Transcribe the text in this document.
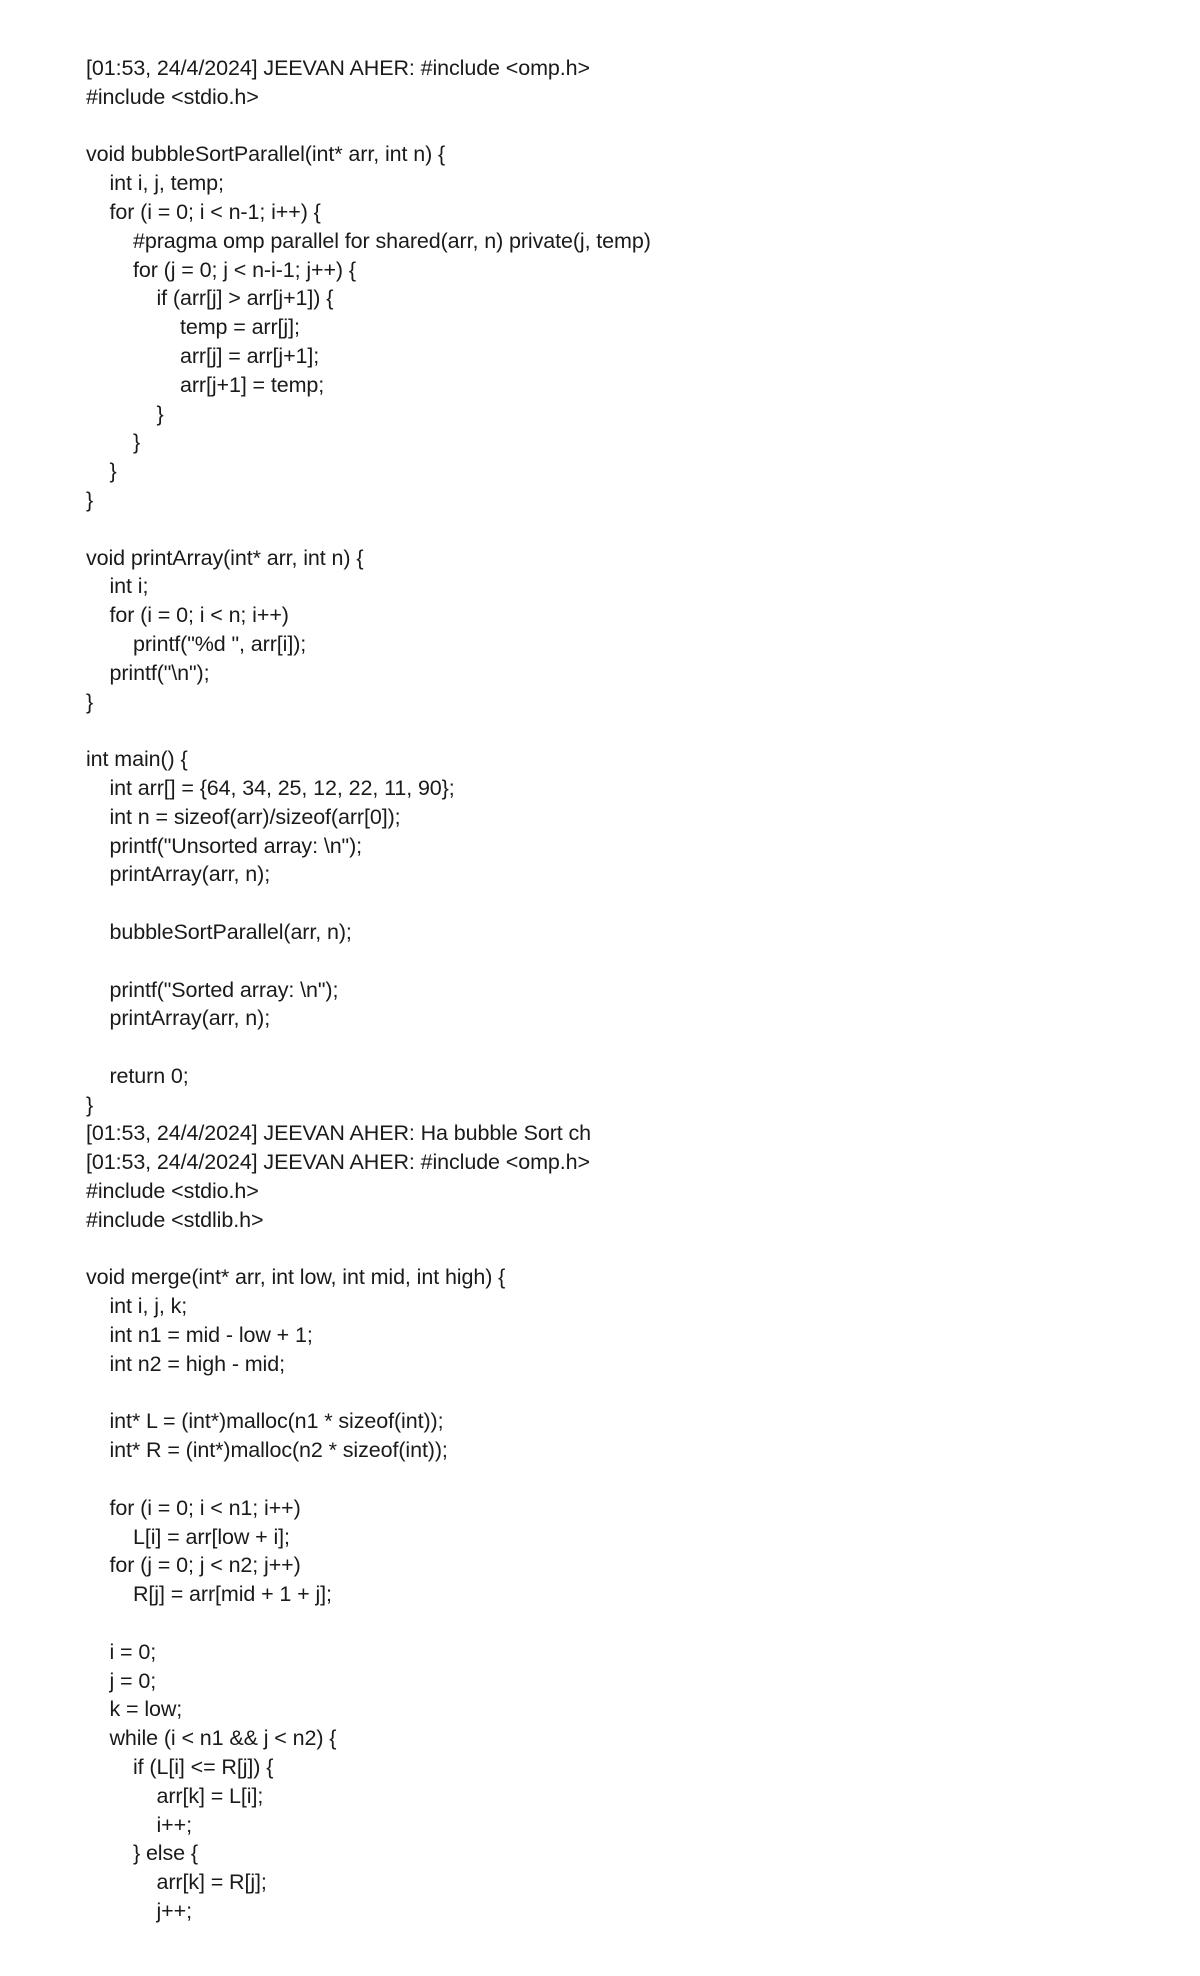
[01:53, 24/4/2024] JEEVAN AHER: #include <omp.h>
#include <stdio.h>
void bubbleSortParallel(int* arr, int n) {
int i, j, temp;
for (i = 0; i < n-1; i++) {
#pragma omp parallel for shared(arr, n) private(j, temp)
for (j = 0; j < n-i-1; j++) {
if (arr[j] > arr[j+1]) {
temp = arr[j];
arr[j] = arr[j+1];
arr[j+1] = temp;
}
}
}
}
void printArray(int* arr, int n) {
int i;
for (i = 0; i < n; i++)
printf("%d ", arr[i]);
printf("\n");
}
int main() {
int arr[] = {64, 34, 25, 12, 22, 11, 90};
int n = sizeof(arr)/sizeof(arr[0]);
printf("Unsorted array: \n");
printArray(arr, n);
bubbleSortParallel(arr, n);
printf("Sorted array: \n");
printArray(arr, n);
return 0;
}
[01:53, 24/4/2024] JEEVAN AHER: Ha bubble Sort ch
[01:53, 24/4/2024] JEEVAN AHER: #include <omp.h>
#include <stdio.h>
#include <stdlib.h>
void merge(int* arr, int low, int mid, int high) {
int i, j, k;
int n1 = mid - low + 1;
int n2 = high - mid;
int* L = (int*)malloc(n1 * sizeof(int));
int* R = (int*)malloc(n2 * sizeof(int));
for (i = 0; i < n1; i++)
L[i] = arr[low + i];
for (j = 0; j < n2; j++)
R[j] = arr[mid + 1 + j];
i = 0;
j = 0;
k = low;
while (i < n1 && j < n2) {
if (L[i] <= R[j]) {
arr[k] = L[i];
i++;
} else {
arr[k] = R[j];
j++;
